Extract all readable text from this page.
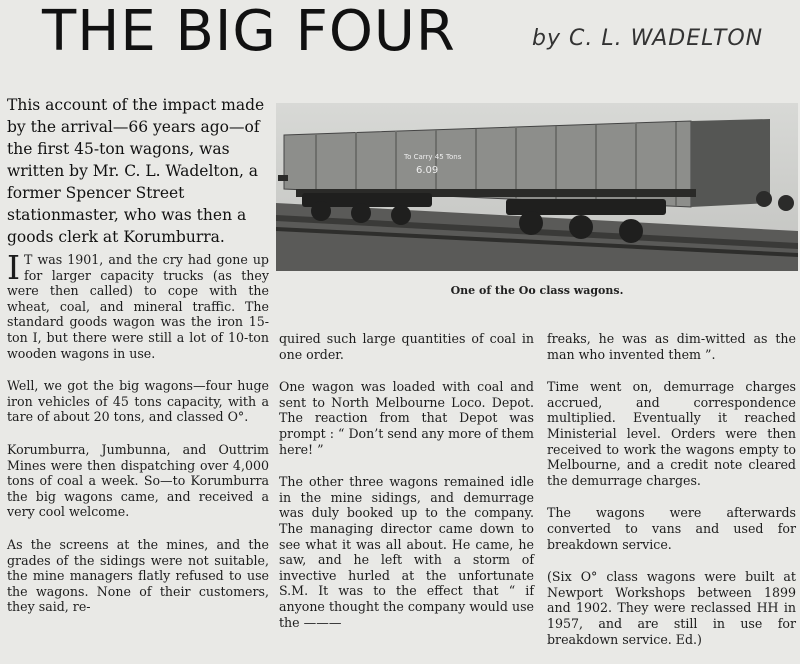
THE BIG FOUR	by C. L. WADELTON
This account of the impact made by the arrival—66 years ago—of the first 45-ton wagons, was written by Mr. C. L. Wadelton, a former Spencer Street stationmaster, who was then a goods clerk at Korumburra.
To Carry 45 Tons
6.09
One of the Oo class wagons.

I T was 1901, and the cry had gone up for larger capacity trucks (as they were then called) to cope with the wheat, coal, and mineral traffic. The standard goods wagon was the iron 15-ton I, but there were still a lot of 10-ton wooden wagons in use.

Well, we got the big wagons—four huge iron vehicles of 45 tons capacity, with a tare of about 20 tons, and classed O°.

Korumburra, Jumbunna, and Outtrim Mines were then dispatching over 4,000 tons of coal a week. So—to Korumburra the big wagons came, and received a very cool welcome.

As the screens at the mines, and the grades of the sidings were not suitable, the mine managers flatly refused to use the wagons. None of their customers, they said, re-

quired such large quantities of coal in one order.

One wagon was loaded with coal and sent to North Melbourne Loco. Depot. The reaction from that Depot was prompt : “ Don’t send any more of them here! ”

The other three wagons remained idle in the mine sidings, and demurrage was duly booked up to the company. The managing director came down to see what it was all about. He came, he saw, and he left with a storm of invective hurled at the unfortunate S.M. It was to the effect that “ if anyone thought the company would use the ———

freaks, he was as dim-witted as the man who invented them ”.

Time went on, demurrage charges accrued, and correspondence multiplied. Eventually it reached Ministerial level. Orders were then received to work the wagons empty to Melbourne, and a credit note cleared the demurrage charges.

The wagons were afterwards converted to vans and used for breakdown service.

(Six O° class wagons were built at Newport Workshops between 1899 and 1902. They were reclassed HH in 1957, and are still in use for breakdown service. Ed.)
